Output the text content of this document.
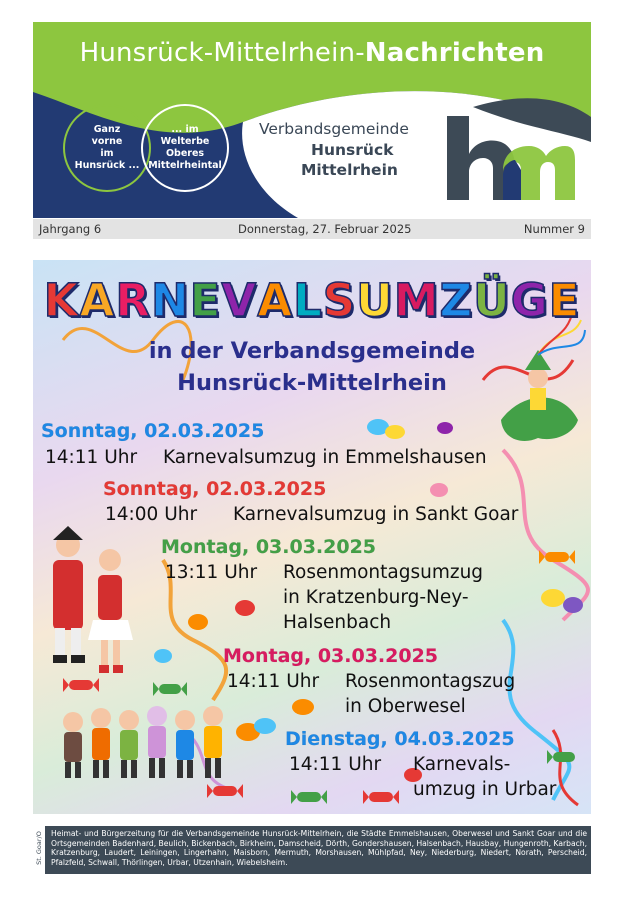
Hunsrück-Mittelrhein-Nachrichten
Ganz
vorne
im
Hunsrück ...
... im
Welterbe
Oberes
Mittelrheintal
Verbandsgemeinde
Hunsrück
Mittelrhein
Jahrgang 6	Donnerstag, 27. Februar 2025	Nummer 9
KARNEVALSUMZÜGE
in der Verbandsgemeinde
Hunsrück-Mittelrhein
Sonntag, 02.03.2025
14:11 Uhr Karnevalsumzug in Emmelshausen
Sonntag, 02.03.2025
14:00 Uhr Karnevalsumzug in Sankt Goar
Montag, 03.03.2025
13:11 Uhr Rosenmontagsumzug
in Kratzenburg-Ney-
Halsenbach
Montag, 03.03.2025
14:11 Uhr Rosenmontagszug
in Oberwesel
Dienstag, 04.03.2025
14:11 Uhr Karnevals-
umzug in Urbar
St. Goar/O Heimat- und Bürgerzeitung für die Verbandsgemeinde Hunsrück-Mittelrhein, die Städte Emmelshausen, Oberwesel und Sankt Goar und die Ortsgemeinden Badenhard, Beulich, Bickenbach, Birkheim, Damscheid, Dörth, Gondershausen, Halsenbach, Hausbay, Hungenroth, Karbach, Kratzenburg, Laudert, Leiningen, Lingerhahn, Maisborn, Mermuth, Morshausen, Mühlpfad, Ney, Niederburg, Niedert, Norath, Perscheid, Pfalzfeld, Schwall, Thörlingen, Urbar, Utzenhain, Wiebelsheim.
